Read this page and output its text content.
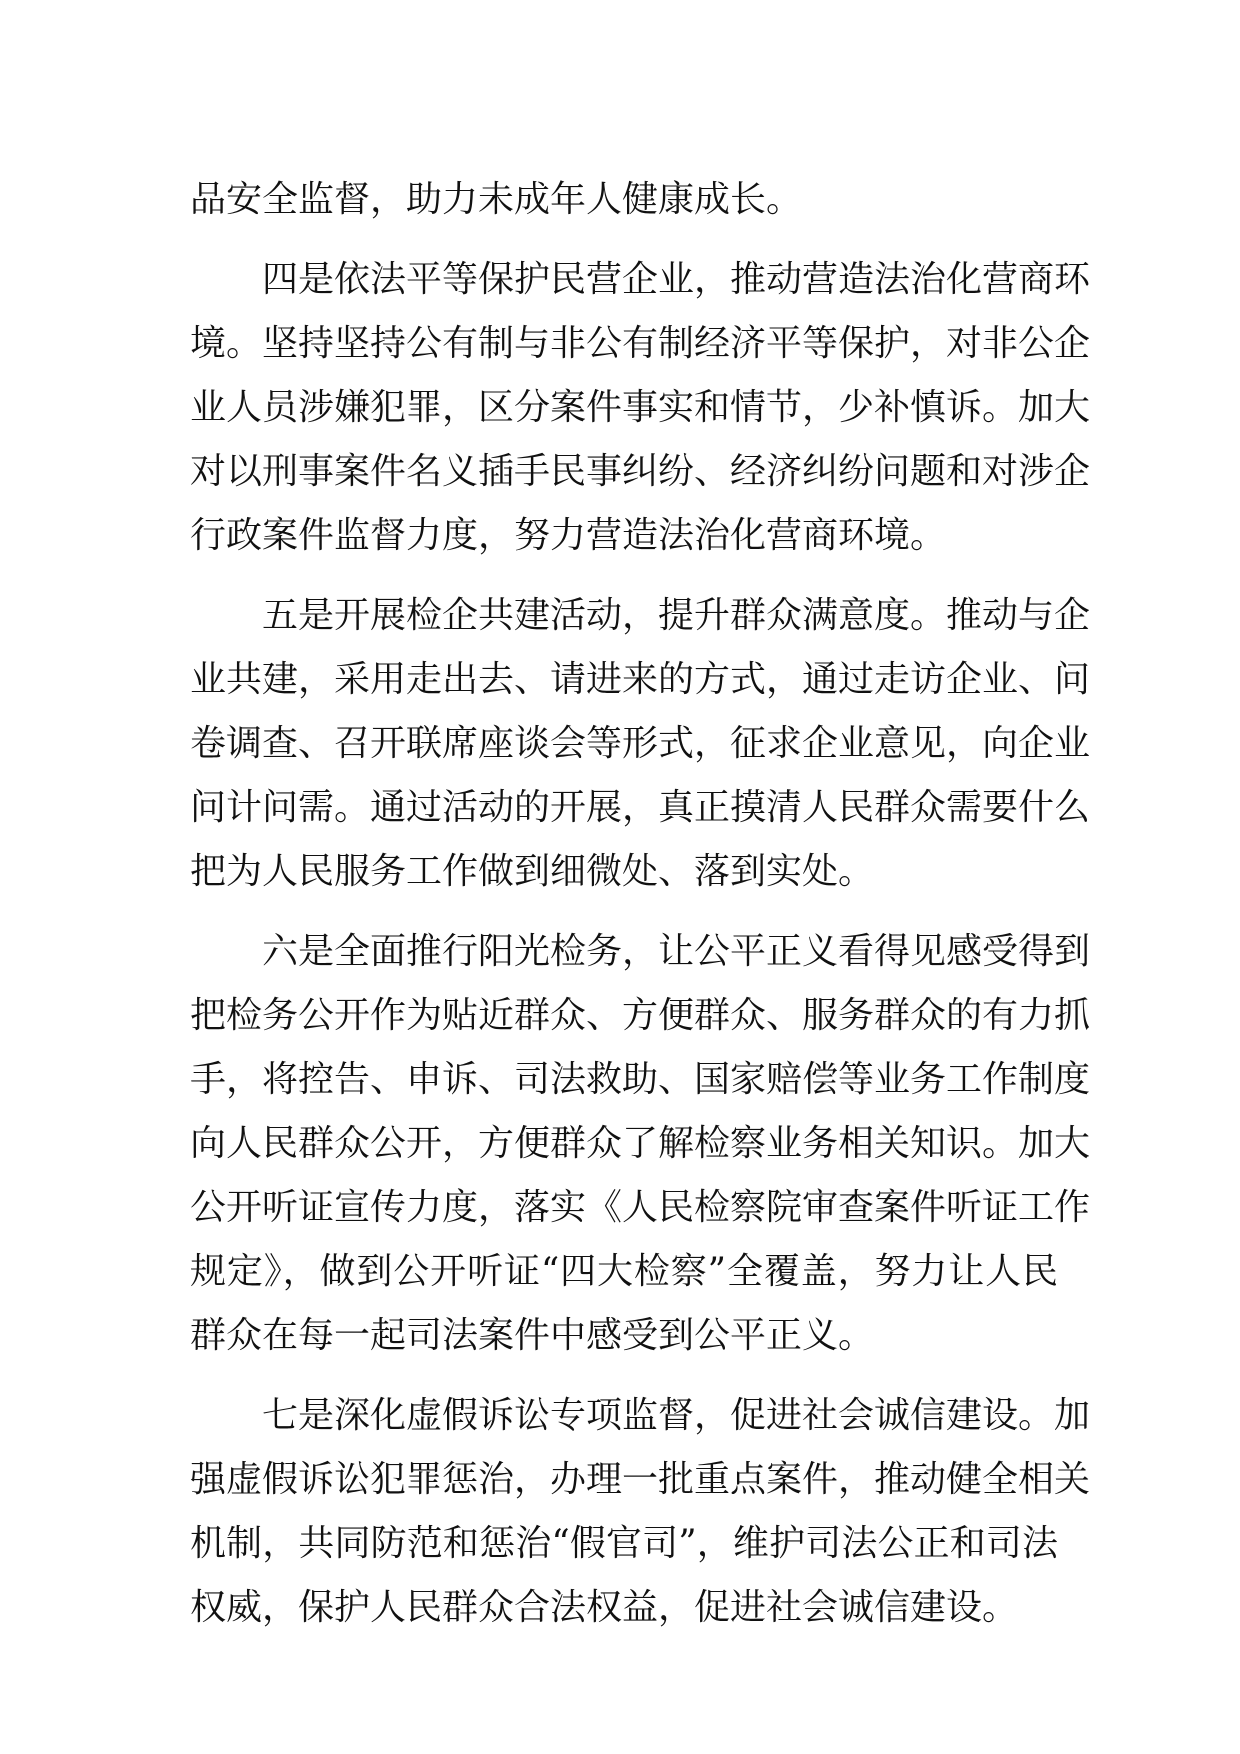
品安全监督，助力未成年人健康成长。
四是依法平等保护民营企业，推动营造法治化营商环
境。坚持坚持公有制与非公有制经济平等保护，对非公企
业人员涉嫌犯罪，区分案件事实和情节，少补慎诉。加大
对以刑事案件名义插手民事纠纷、经济纠纷问题和对涉企
行政案件监督力度，努力营造法治化营商环境。
五是开展检企共建活动，提升群众满意度。推动与企
业共建，采用走出去、请进来的方式，通过走访企业、问
卷调查、召开联席座谈会等形式，征求企业意见，向企业
问计问需。通过活动的开展，真正摸清人民群众需要什么
把为人民服务工作做到细微处、落到实处。
六是全面推行阳光检务，让公平正义看得见感受得到
把检务公开作为贴近群众、方便群众、服务群众的有力抓
手，将控告、申诉、司法救助、国家赔偿等业务工作制度
向人民群众公开，方便群众了解检察业务相关知识。加大
公开听证宣传力度，落实《人民检察院审查案件听证工作
规定》，做到公开听证“四大检察”全覆盖，努力让人民
群众在每一起司法案件中感受到公平正义。
七是深化虚假诉讼专项监督，促进社会诚信建设。加
强虚假诉讼犯罪惩治，办理一批重点案件，推动健全相关
机制，共同防范和惩治“假官司”，维护司法公正和司法
权威，保护人民群众合法权益，促进社会诚信建设。
